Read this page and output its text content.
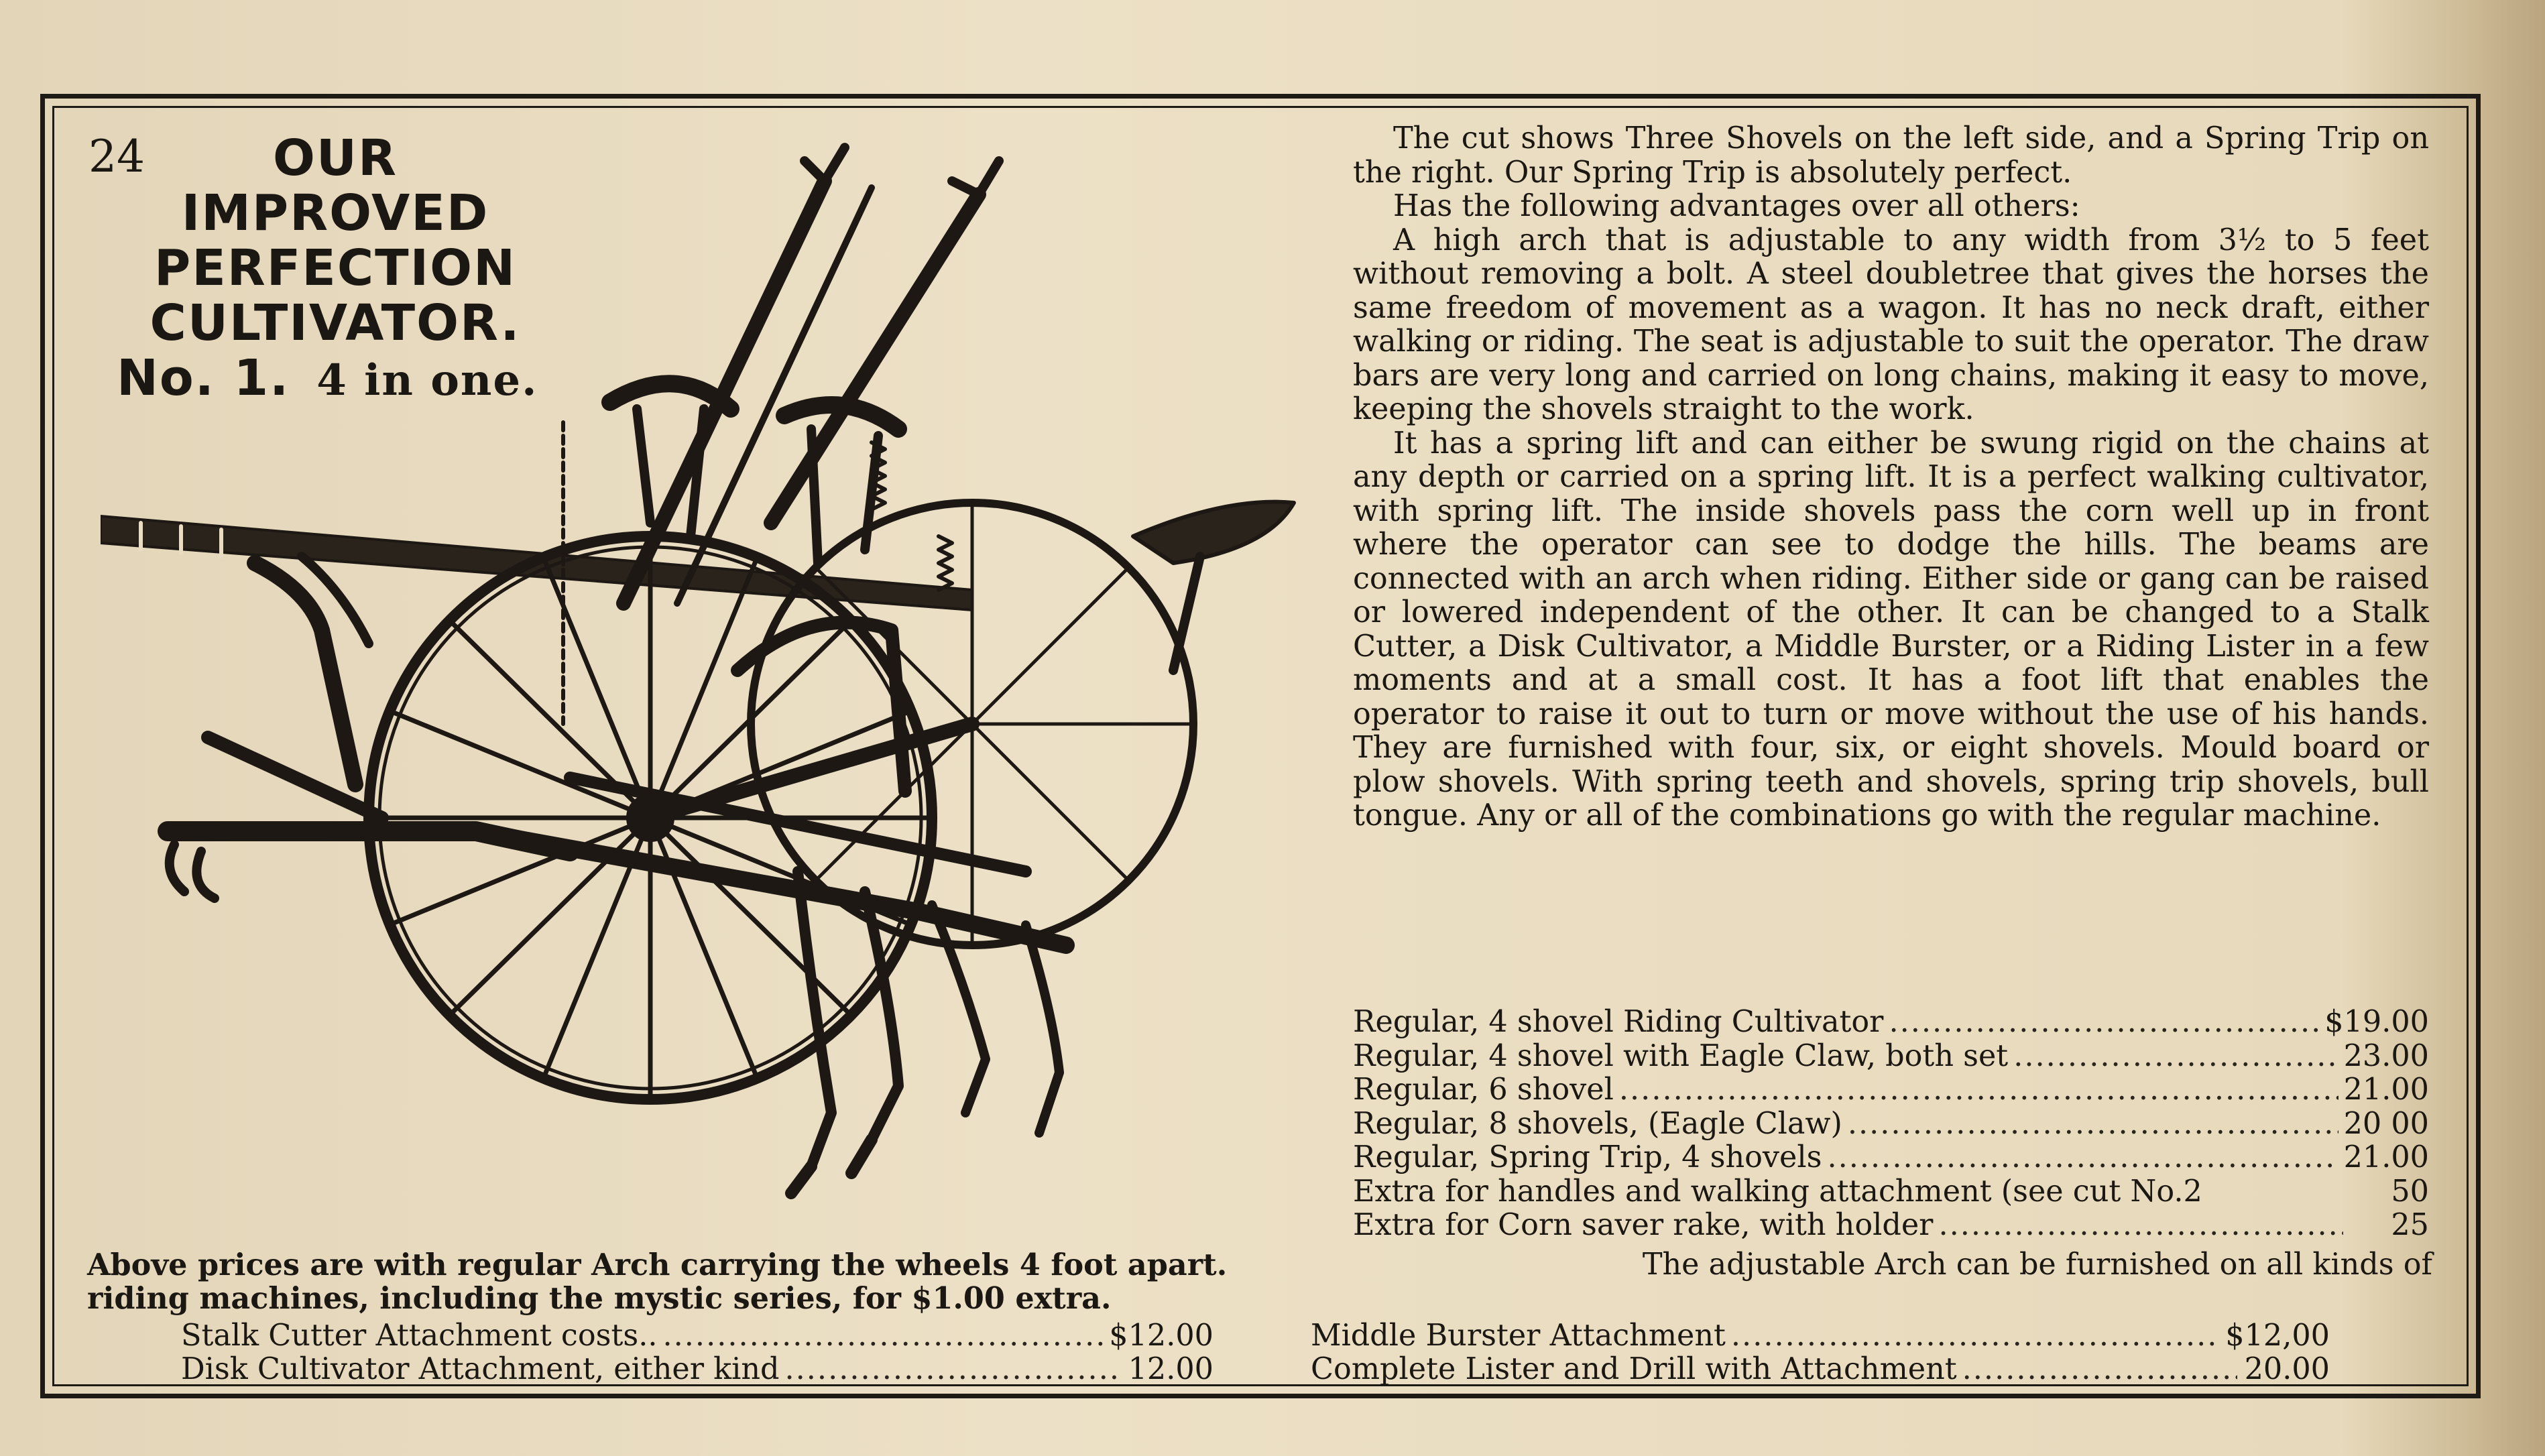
24	OUR
IMPROVED
PERFECTION
CULTIVATOR.
No. 1. 4 in one.

The cut shows Three Shovels on the left side, and a Spring Trip on the right. Our Spring Trip is absolutely perfect.

Has the following advantages over all others:

A high arch that is adjustable to any width from 3½ to 5 feet without removing a bolt. A steel doubletree that gives the horses the same freedom of movement as a wagon. It has no neck draft, either walking or riding. The seat is adjustable to suit the operator. The draw bars are very long and carried on long chains, making it easy to move, keeping the shovels straight to the work.

It has a spring lift and can either be swung rigid on the chains at any depth or carried on a spring lift. It is a perfect walking cultivator, with spring lift. The inside shovels pass the corn well up in front where the operator can see to dodge the hills. The beams are connected with an arch when riding. Either side or gang can be raised or lowered independent of the other. It can be changed to a Stalk Cutter, a Disk Cultivator, a Middle Burster, or a Riding Lister in a few moments and at a small cost. It has a foot lift that enables the operator to raise it out to turn or move without the use of his hands. They are furnished with four, six, or eight shovels. Mould board or plow shovels. With spring teeth and shovels, spring trip shovels, bull tongue. Any or all of the combinations go with the regular machine.

Regular, 4 shovel Riding Cultivator .....	$19.00
Regular, 4 shovel with Eagle Claw, both set .....	23.00
Regular, 6 shovel .....	21.00
Regular, 8 shovels, (Eagle Claw) .....	20 00
Regular, Spring Trip, 4 shovels .....	21.00
Extra for handles and walking attachment (see cut No.2	50
Extra for Corn saver rake, with holder .....	25
Above prices are with regular Arch carrying the wheels 4 foot apart.	The adjustable Arch can be furnished on all kinds of
riding machines, including the mystic series, for $1.00 extra.
Stalk Cutter Attachment costs.. .....	$12.00
Disk Cultivator Attachment, either kind .....	12.00
Middle Burster Attachment .....	$12,00
Complete Lister and Drill with Attachment .....	20.00
